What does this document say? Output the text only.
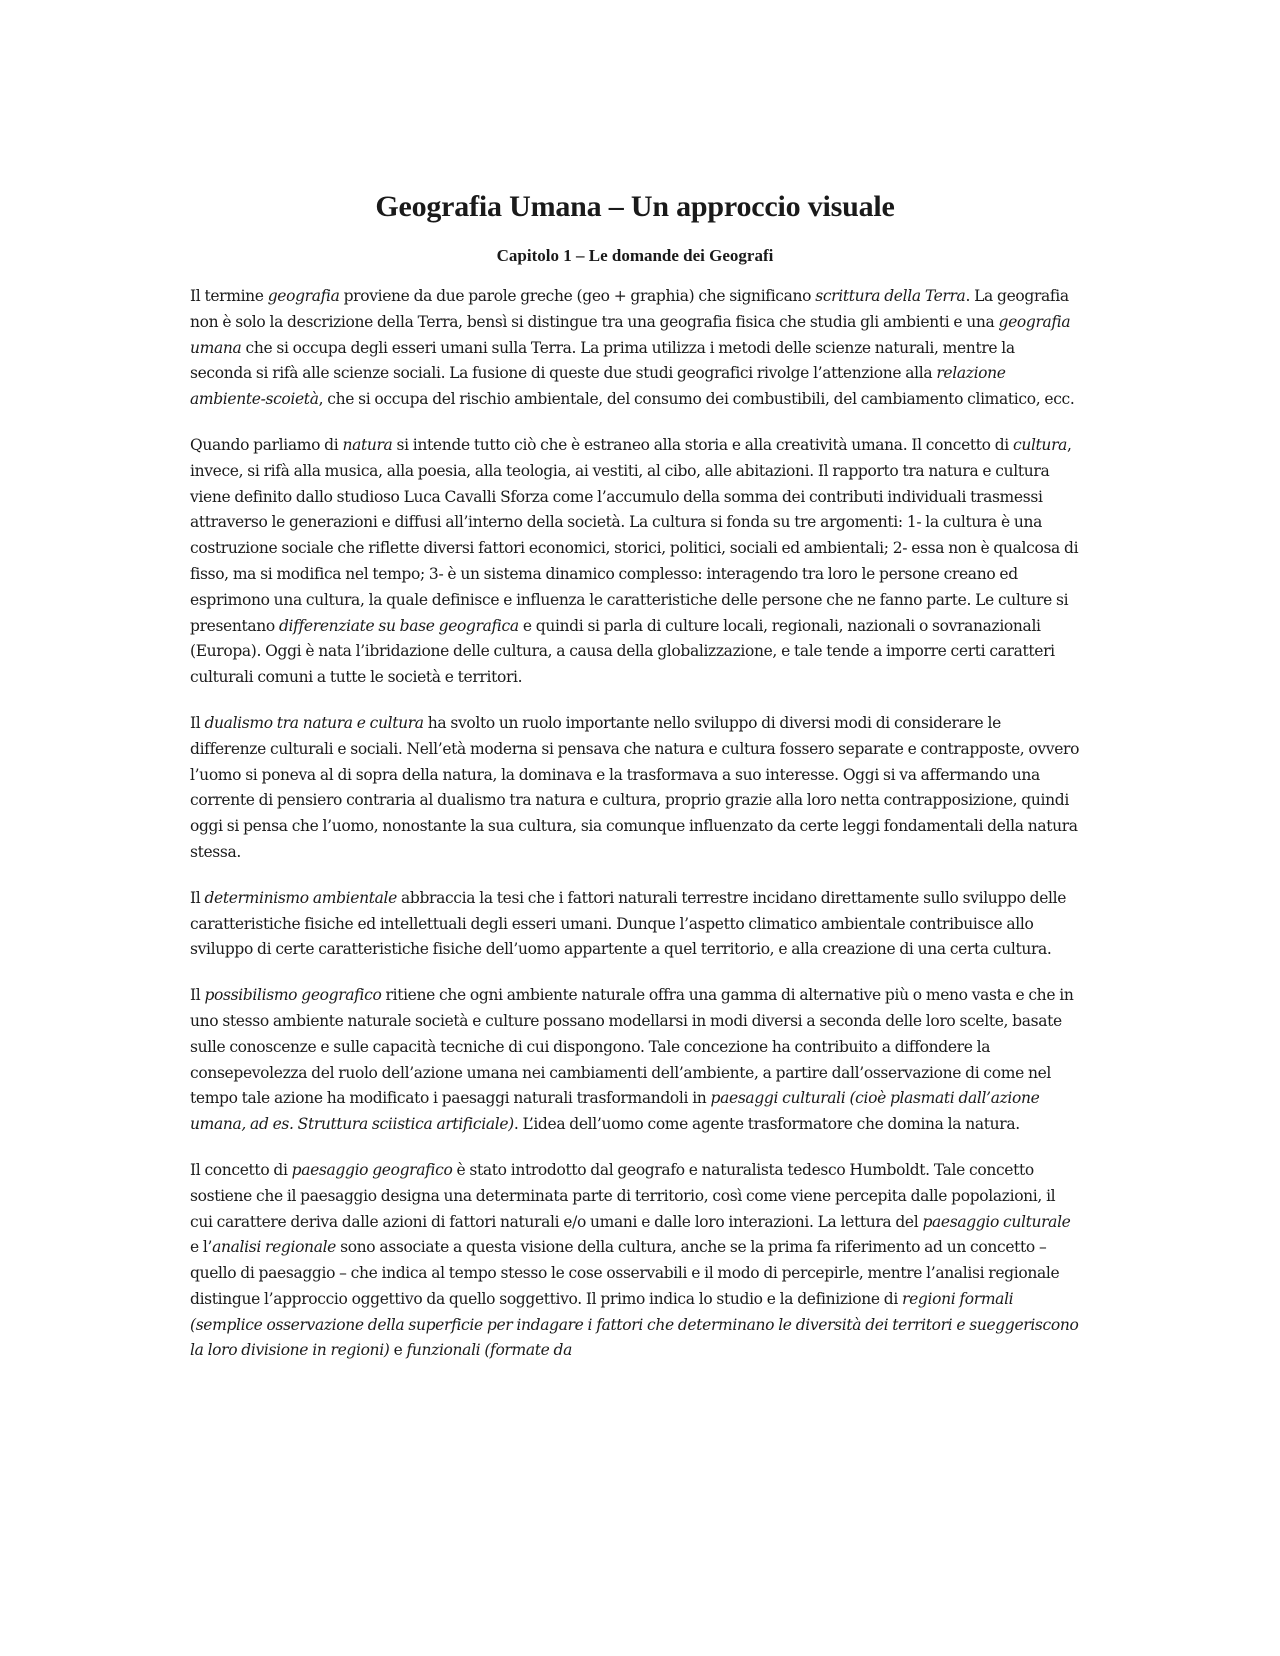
Geografia Umana – Un approccio visuale
Capitolo 1 – Le domande dei Geografi

Il termine geografia proviene da due parole greche (geo + graphia) che significano scrittura della Terra. La geografia non è solo la descrizione della Terra, bensì si distingue tra una geografia fisica che studia gli ambienti e una geografia umana che si occupa degli esseri umani sulla Terra. La prima utilizza i metodi delle scienze naturali, mentre la seconda si rifà alle scienze sociali. La fusione di queste due studi geografici rivolge l’attenzione alla relazione ambiente-scoietà, che si occupa del rischio ambientale, del consumo dei combustibili, del cambiamento climatico, ecc.

Quando parliamo di natura si intende tutto ciò che è estraneo alla storia e alla creatività umana. Il concetto di cultura, invece, si rifà alla musica, alla poesia, alla teologia, ai vestiti, al cibo, alle abitazioni. Il rapporto tra natura e cultura viene definito dallo studioso Luca Cavalli Sforza come l’accumulo della somma dei contributi individuali trasmessi attraverso le generazioni e diffusi all’interno della società. La cultura si fonda su tre argomenti: 1- la cultura è una costruzione sociale che riflette diversi fattori economici, storici, politici, sociali ed ambientali; 2- essa non è qualcosa di fisso, ma si modifica nel tempo; 3- è un sistema dinamico complesso: interagendo tra loro le persone creano ed esprimono una cultura, la quale definisce e influenza le caratteristiche delle persone che ne fanno parte. Le culture si presentano differenziate su base geografica e quindi si parla di culture locali, regionali, nazionali o sovranazionali (Europa). Oggi è nata l’ibridazione delle cultura, a causa della globalizzazione, e tale tende a imporre certi caratteri culturali comuni a tutte le società e territori.

Il dualismo tra natura e cultura ha svolto un ruolo importante nello sviluppo di diversi modi di considerare le differenze culturali e sociali. Nell’età moderna si pensava che natura e cultura fossero separate e contrapposte, ovvero l’uomo si poneva al di sopra della natura, la dominava e la trasformava a suo interesse. Oggi si va affermando una corrente di pensiero contraria al dualismo tra natura e cultura, proprio grazie alla loro netta contrapposizione, quindi oggi si pensa che l’uomo, nonostante la sua cultura, sia comunque influenzato da certe leggi fondamentali della natura stessa.

Il determinismo ambientale abbraccia la tesi che i fattori naturali terrestre incidano direttamente sullo sviluppo delle caratteristiche fisiche ed intellettuali degli esseri umani. Dunque l’aspetto climatico ambientale contribuisce allo sviluppo di certe caratteristiche fisiche dell’uomo appartente a quel territorio, e alla creazione di una certa cultura.

Il possibilismo geografico ritiene che ogni ambiente naturale offra una gamma di alternative più o meno vasta e che in uno stesso ambiente naturale società e culture possano modellarsi in modi diversi a seconda delle loro scelte, basate sulle conoscenze e sulle capacità tecniche di cui dispongono. Tale concezione ha contribuito a diffondere la consepevolezza del ruolo dell’azione umana nei cambiamenti dell’ambiente, a partire dall’osservazione di come nel tempo tale azione ha modificato i paesaggi naturali trasformandoli in paesaggi culturali (cioè plasmati dall’azione umana, ad es. Struttura sciistica artificiale). L’idea dell’uomo come agente trasformatore che domina la natura.

Il concetto di paesaggio geografico è stato introdotto dal geografo e naturalista tedesco Humboldt. Tale concetto sostiene che il paesaggio designa una determinata parte di territorio, così come viene percepita dalle popolazioni, il cui carattere deriva dalle azioni di fattori naturali e/o umani e dalle loro interazioni. La lettura del paesaggio culturale e l’analisi regionale sono associate a questa visione della cultura, anche se la prima fa riferimento ad un concetto – quello di paesaggio – che indica al tempo stesso le cose osservabili e il modo di percepirle, mentre l’analisi regionale distingue l’approccio oggettivo da quello soggettivo. Il primo indica lo studio e la definizione di regioni formali (semplice osservazione della superficie per indagare i fattori che determinano le diversità dei territori e sueggeriscono la loro divisione in regioni) e funzionali (formate da
